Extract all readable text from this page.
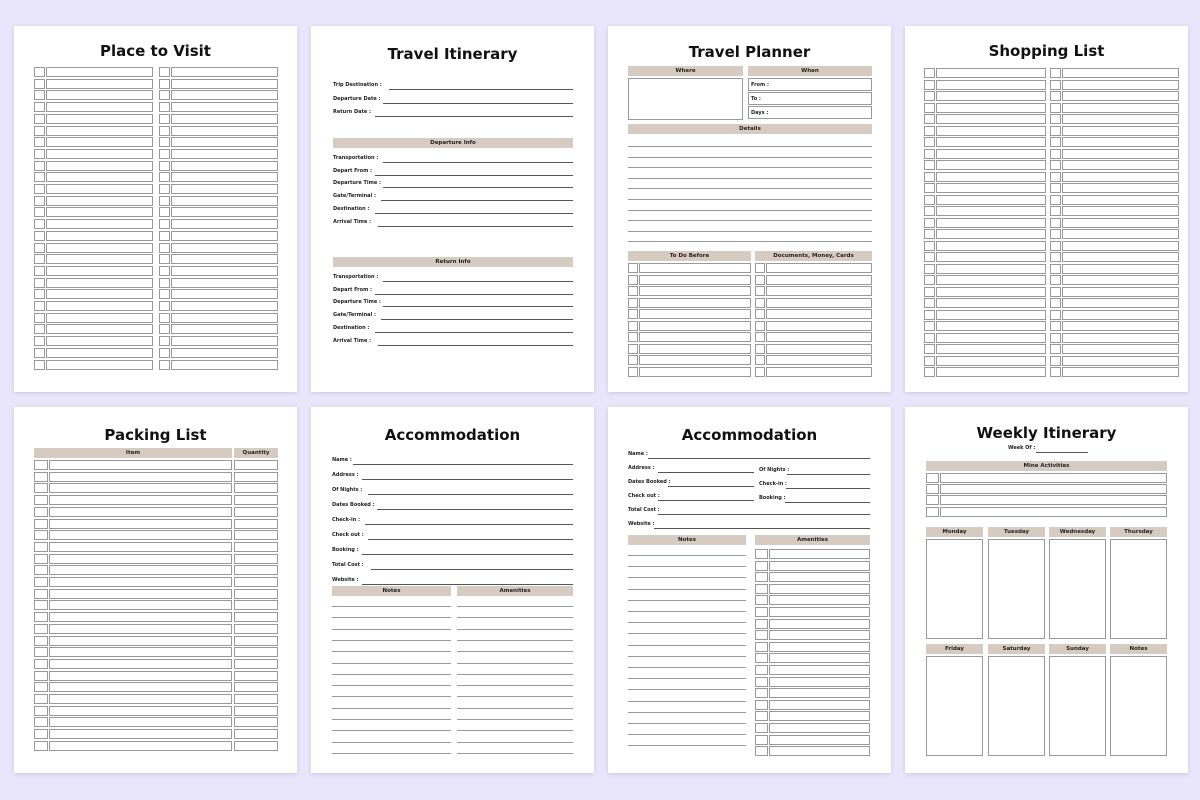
Place to Visit	Travel Itinerary
Trip Destination :
Departure Date :
Return Date :
Departure Info
Transportation :
Depart From :
Departure Time :
Gate/Terminal :
Destination :
Arrival Time :
Return Info
Transportation :
Depart From :
Departure Time :
Gate/Terminal :
Destination :
Arrival Time :
Travel Planner
Where	When
From :
To :
Days :
Details
To Do Before	Documents, Money, Cards
Shopping List
Packing List
Item	Quantity
Accommodation
Name :
Address :
Of Nights :
Dates Booked :
Check-in :
Check out :
Booking :
Total Cost :
Website :
Notes	Amenities
Accommodation
Name :
Address :	Of Nights :
Dates Booked :	Check-in :
Check out :	Booking :
Total Cost :
Website :
Notes	Amenities
Weekly Itinerary
Week Of :
Mine Activities
Monday	Tuesday	Wednesday	Thursday
Friday	Saturday	Sunday	Notes
